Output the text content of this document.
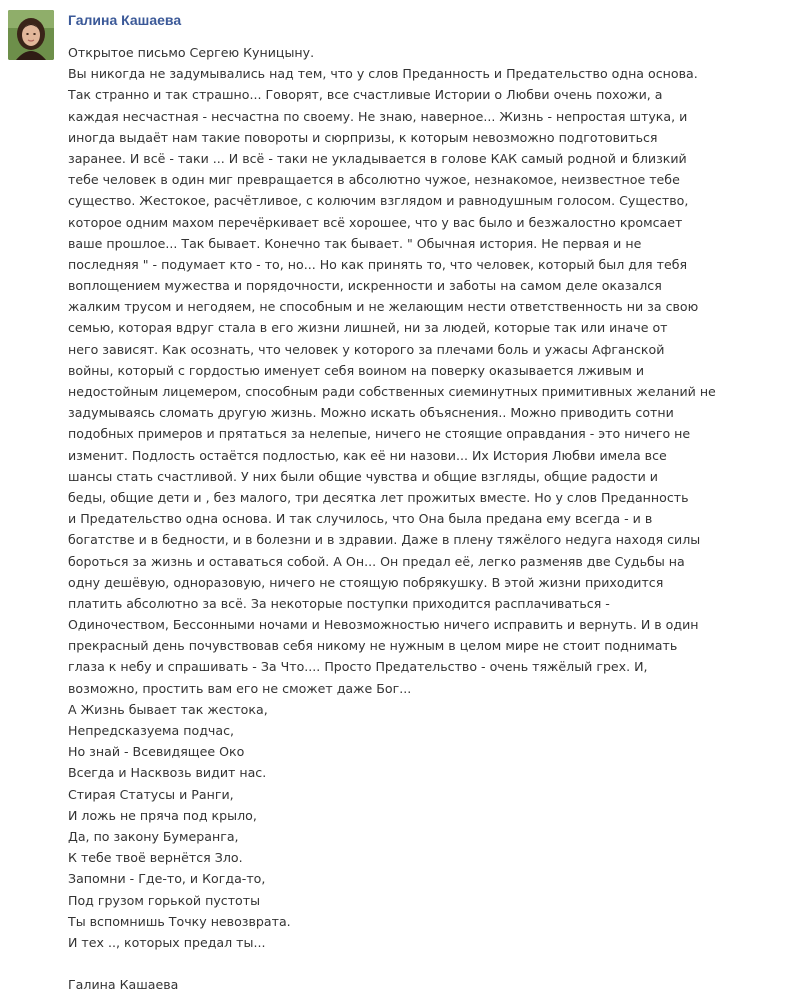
Галина Кашаева
Открытое письмо Сергею Куницыну.
Вы никогда не задумывались над тем, что у слов Преданность и Предательство одна основа.
Так странно и так страшно... Говорят, все счастливые Истории о Любви очень похожи, а
каждая несчастная - несчастна по своему. Не знаю, наверное... Жизнь - непростая штука, и
иногда выдаёт нам такие повороты и сюрпризы, к которым невозможно подготовиться
заранее. И всё - таки ... И всё - таки не укладывается в голове КАК самый родной и близкий
тебе человек в один миг превращается в абсолютно чужое, незнакомое, неизвестное тебе
существо. Жестокое, расчётливое, с колючим взглядом и равнодушным голосом. Существо,
которое одним махом перечёркивает всё хорошее, что у вас было и безжалостно кромсает
ваше прошлое... Так бывает. Конечно так бывает. " Обычная история. Не первая и не
последняя " - подумает кто - то, но... Но как принять то, что человек, который был для тебя
воплощением мужества и порядочности, искренности и заботы на самом деле оказался
жалким трусом и негодяем, не способным и не желающим нести ответственность ни за свою
семью, которая вдруг стала в его жизни лишней, ни за людей, которые так или иначе от
него зависят. Как осознать, что человек у которого за плечами боль и ужасы Афганской
войны, который с гордостью именует себя воином на поверку оказывается лживым и
недостойным лицемером, способным ради собственных сиеминутных примитивных желаний не
задумываясь сломать другую жизнь. Можно искать объяснения.. Можно приводить сотни
подобных примеров и прятаться за нелепые, ничего не стоящие оправдания - это ничего не
изменит. Подлость остаётся подлостью, как её ни назови... Их История Любви имела все
шансы стать счастливой. У них были общие чувства и общие взгляды, общие радости и
беды, общие дети и , без малого, три десятка лет прожитых вместе. Но у слов Преданность
и Предательство одна основа. И так случилось, что Она была предана ему всегда - и в
богатстве и в бедности, и в болезни и в здравии. Даже в плену тяжёлого недуга находя силы
бороться за жизнь и оставаться собой. А Он... Он предал её, легко разменяв две Судьбы на
одну дешёвую, одноразовую, ничего не стоящую побрякушку. В этой жизни приходится
платить абсолютно за всё. За некоторые поступки приходится расплачиваться -
Одиночеством, Бессонными ночами и Невозможностью ничего исправить и вернуть. И в один
прекрасный день почувствовав себя никому не нужным в целом мире не стоит поднимать
глаза к небу и спрашивать - За Что.... Просто Предательство - очень тяжёлый грех. И,
возможно, простить вам его не сможет даже Бог...
А Жизнь бывает так жестока,
Непредсказуема подчас,
Но знай - Всевидящее Око
Всегда и Насквозь видит нас.
Стирая Статусы и Ранги,
И ложь не пряча под крыло,
Да, по закону Бумеранга,
К тебе твоё вернётся Зло.
Запомни - Где-то, и Когда-то,
Под грузом горькой пустоты
Ты вспомнишь Точку невозврата.
И тех .., которых предал ты...
Галина Кашаева
